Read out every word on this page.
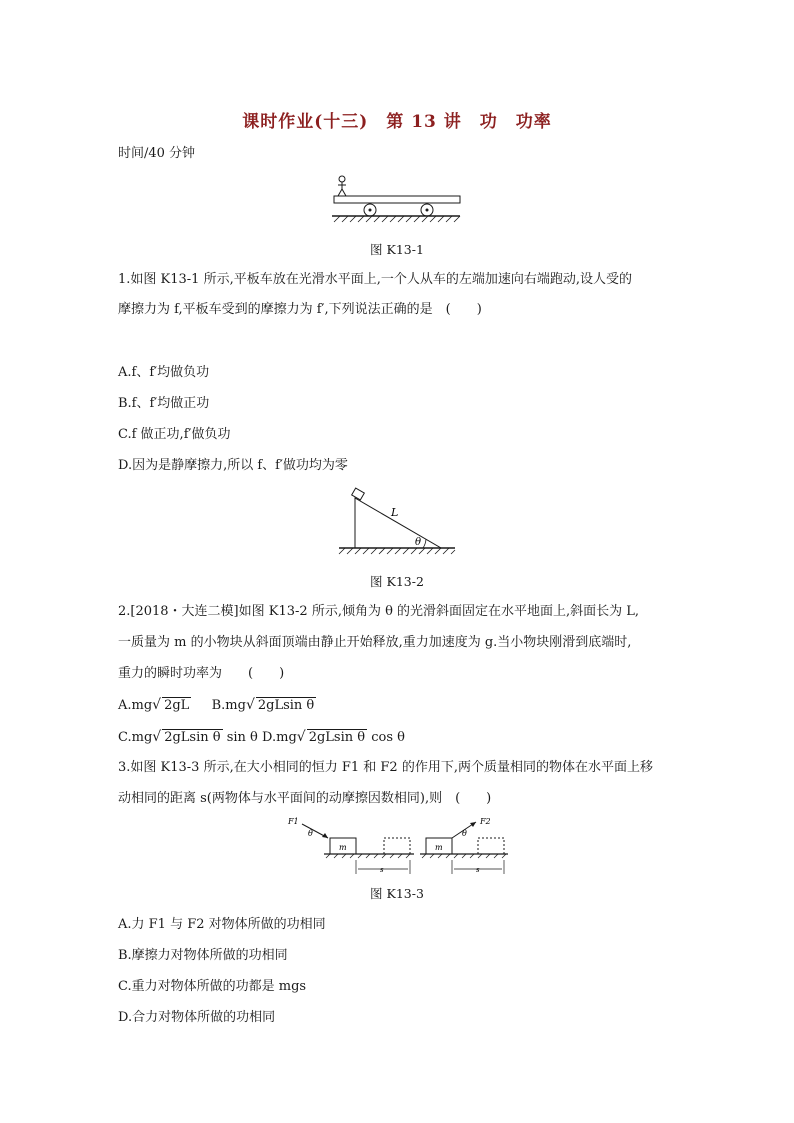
课时作业(十三)　第 13 讲　功　功率
时间/40 分钟
图 K13-1
1.如图 K13-1 所示,平板车放在光滑水平面上,一个人从车的左端加速向右端跑动,设人受的
摩擦力为 f,平板车受到的摩擦力为 f′,下列说法正确的是　(　　)
A.f、f′均做负功
B.f、f′均做正功
C.f 做正功,f′做负功
D.因为是静摩擦力,所以 f、f′做功均为零
L
θ
图 K13-2
2.[2018・大连二模]如图 K13-2 所示,倾角为 θ 的光滑斜面固定在水平地面上,斜面长为 L,
一质量为 m 的小物块从斜面顶端由静止开始释放,重力加速度为 g.当小物块刚滑到底端时,
重力的瞬时功率为　　(　　)
A.mg√ 2gL B.mg√ 2gLsin θ
C.mg√ 2gLsin θ sin θ D.mg√ 2gLsin θ cos θ
3.如图 K13-3 所示,在大小相同的恒力 F1 和 F2 的作用下,两个质量相同的物体在水平面上移
动相同的距离 s(两物体与水平面间的动摩擦因数相同),则　(　　)
m
F1
θ
s
m
F2
θ
s
图 K13-3
A.力 F1 与 F2 对物体所做的功相同
B.摩擦力对物体所做的功相同
C.重力对物体所做的功都是 mgs
D.合力对物体所做的功相同
